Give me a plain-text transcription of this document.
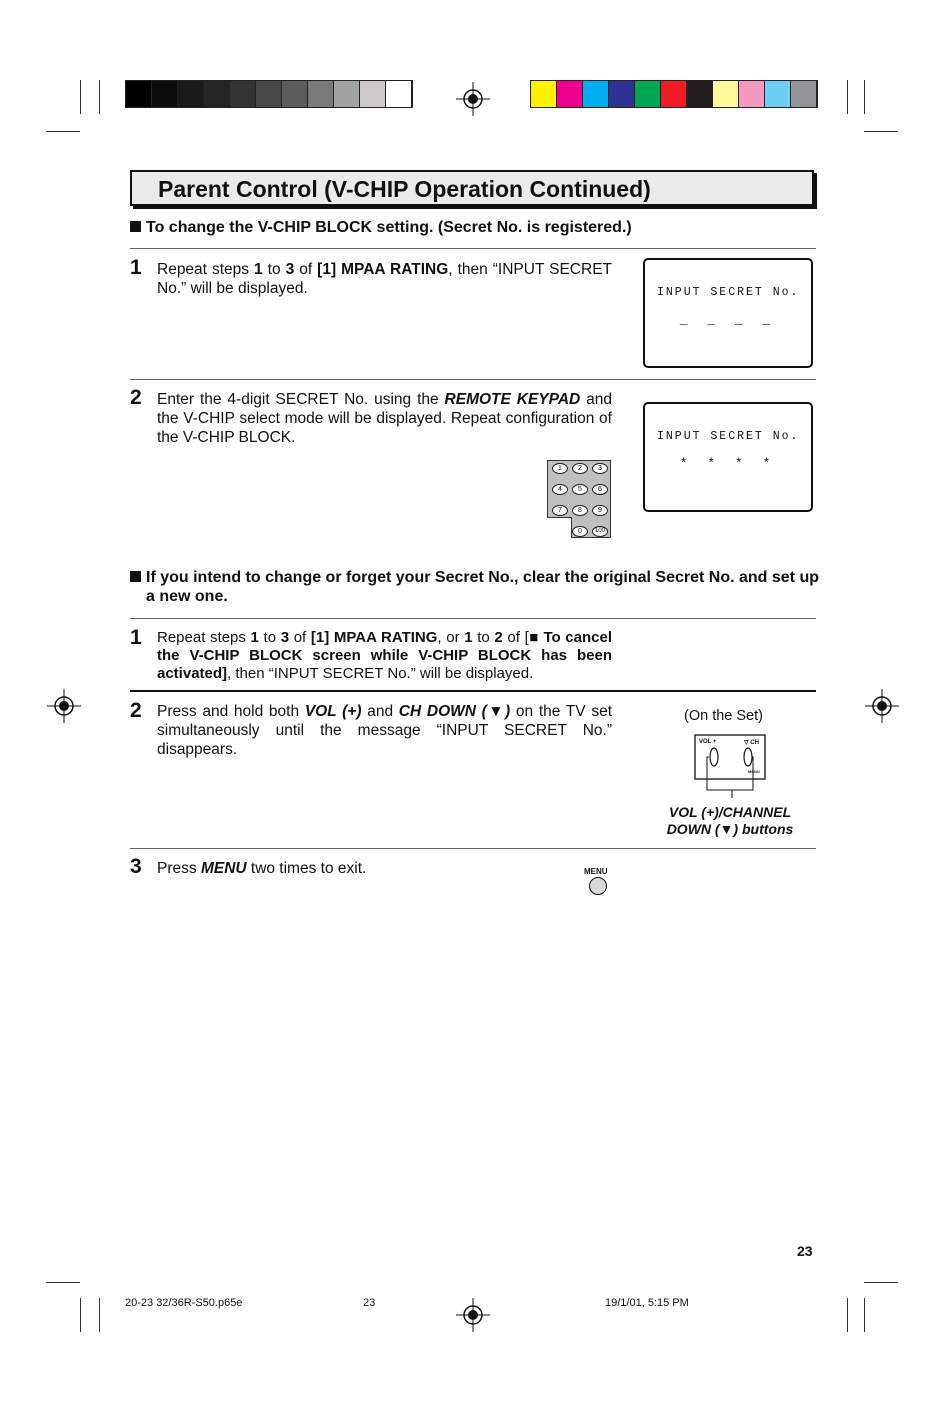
Parent Control (V-CHIP Operation Continued)
To change the V-CHIP BLOCK setting. (Secret No. is registered.)
1 Repeat steps 1 to 3 of [1] MPAA RATING, then “INPUT SECRET No.” will be displayed.	INPUT SECRET No.
_ _ _ _
2 Enter the 4-digit SECRET No. using the REMOTE KEYPAD and the V-CHIP select mode will be displayed. Repeat configuration of the V-CHIP BLOCK.	INPUT SECRET No.
* * * *
1	2	3
4	5	6
7	8	9
0	100
If you intend to change or forget your Secret No., clear the original Secret No. and set up a new one.
1 Repeat steps 1 to 3 of [1] MPAA RATING, or 1 to 2 of [■ To cancel the V-CHIP BLOCK screen while V-CHIP BLOCK has been activated], then “INPUT SECRET No.” will be displayed.
2 Press and hold both VOL (+) and CH DOWN (▼) on the TV set simultaneously until the message “INPUT SECRET No.” disappears.
(On the Set)
VOL +	▽ CH
MENU
VOL (+)/CHANNEL DOWN (▼) buttons
3 Press MENU two times to exit.	MENU
23
20-23 32/36R-S50.p65e	23	19/1/01, 5:15 PM
